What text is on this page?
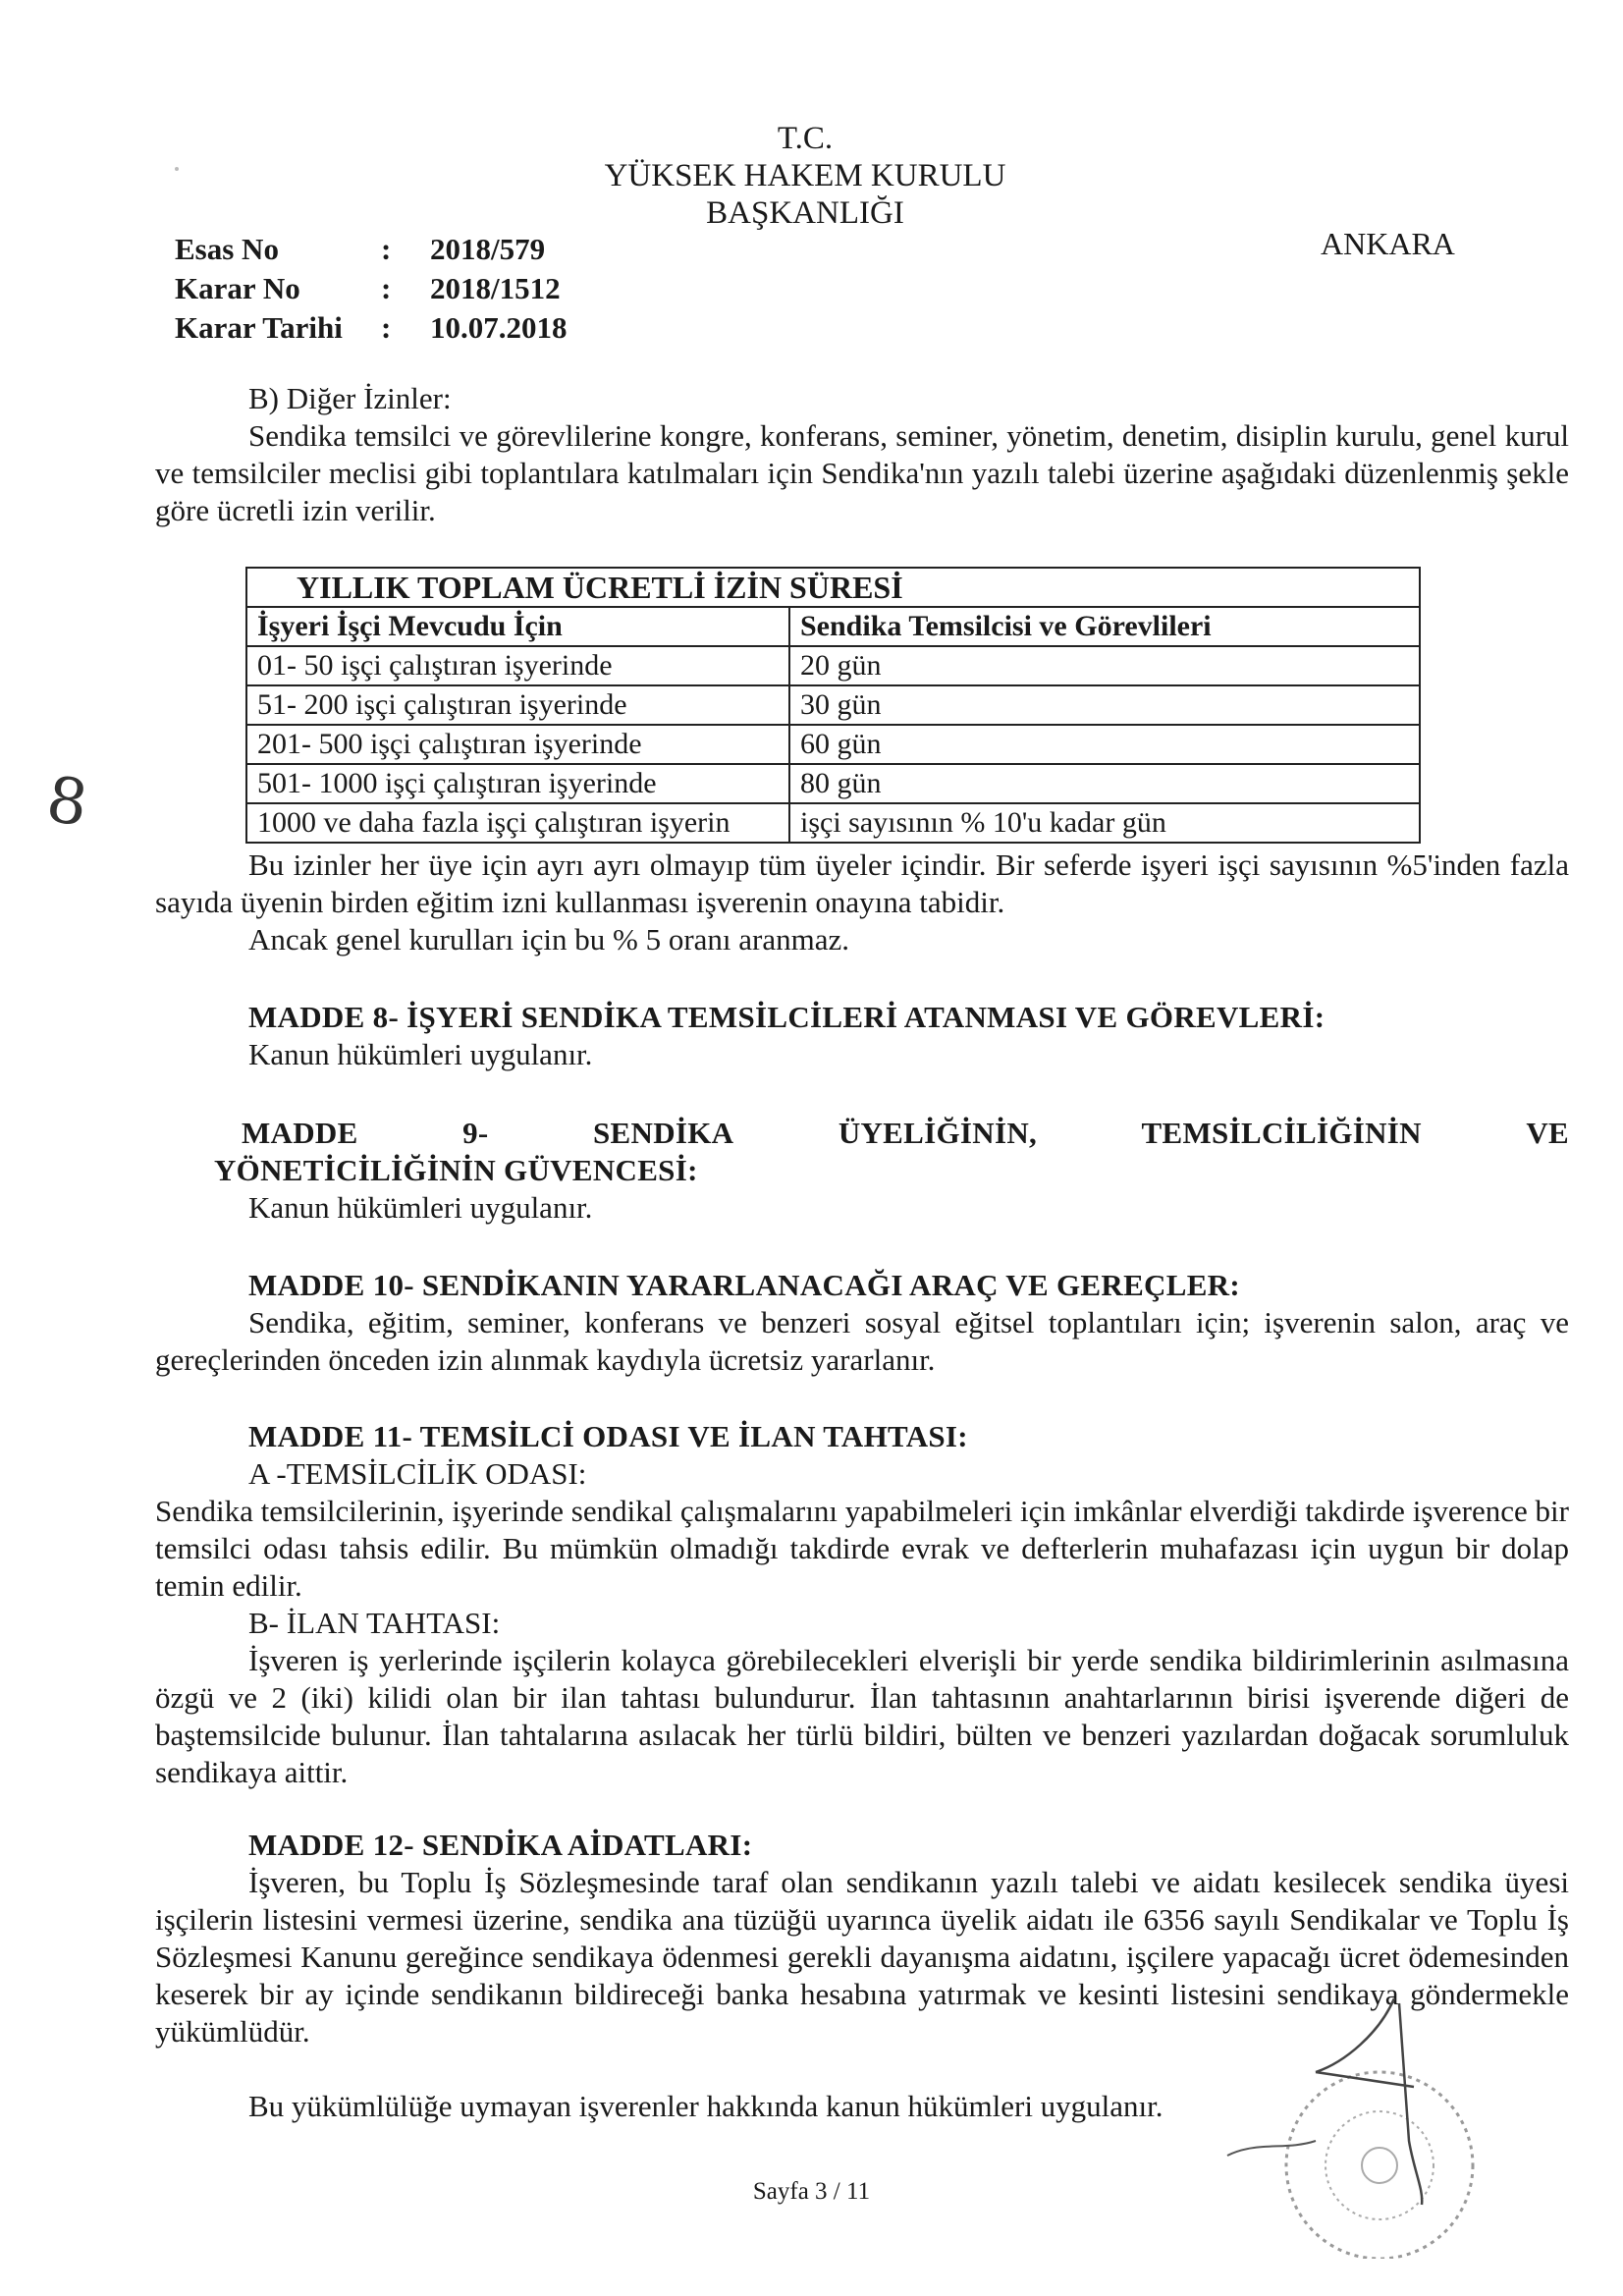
T.C.
YÜKSEK HAKEM KURULU
BAŞKANLIĞI
ANKARA
Esas No	:	2018/579
Karar No	:	2018/1512
Karar Tarihi	:	10.07.2018
B) Diğer İzinler:
Sendika temsilci ve görevlilerine kongre, konferans, seminer, yönetim, denetim, disiplin kurulu, genel kurul ve temsilciler meclisi gibi toplantılara katılmaları için Sendika'nın yazılı talebi üzerine aşağıdaki düzenlenmiş şekle göre ücretli izin verilir.
YILLIK TOPLAM ÜCRETLİ İZİN SÜRESİ	
İşyeri İşçi Mevcudu İçin	Sendika Temsilcisi ve Görevlileri
01- 50 işçi çalıştıran işyerinde	20 gün
51- 200 işçi çalıştıran işyerinde	30 gün
201- 500 işçi çalıştıran işyerinde	60 gün
501- 1000 işçi çalıştıran işyerinde	80 gün
1000 ve daha fazla işçi çalıştıran işyerin	işçi sayısının % 10'u kadar gün
8
Bu izinler her üye için ayrı ayrı olmayıp tüm üyeler içindir. Bir seferde işyeri işçi sayısının %5'inden fazla sayıda üyenin birden eğitim izni kullanması işverenin onayına tabidir.
Ancak genel kurulları için bu % 5 oranı aranmaz.
MADDE 8- İŞYERİ SENDİKA TEMSİLCİLERİ ATANMASI VE GÖREVLERİ:
Kanun hükümleri uygulanır.
MADDE	9-	SENDİKA	ÜYELİĞİNİN,	TEMSİLCİLİĞİNİN	VE
YÖNETİCİLİĞİNİN GÜVENCESİ:
Kanun hükümleri uygulanır.
MADDE 10- SENDİKANIN YARARLANACAĞI ARAÇ VE GEREÇLER:
Sendika, eğitim, seminer, konferans ve benzeri sosyal eğitsel toplantıları için; işverenin salon, araç ve gereçlerinden önceden izin alınmak kaydıyla ücretsiz yararlanır.
MADDE 11- TEMSİLCİ ODASI VE İLAN TAHTASI:
A -TEMSİLCİLİK ODASI:
Sendika temsilcilerinin, işyerinde sendikal çalışmalarını yapabilmeleri için imkânlar elverdiği takdirde işverence bir temsilci odası tahsis edilir. Bu mümkün olmadığı takdirde evrak ve defterlerin muhafazası için uygun bir dolap temin edilir.
B- İLAN TAHTASI:
İşveren iş yerlerinde işçilerin kolayca görebilecekleri elverişli bir yerde sendika bildirimlerinin asılmasına özgü ve 2 (iki) kilidi olan bir ilan tahtası bulundurur. İlan tahtasının anahtarlarının birisi işverende diğeri de baştemsilcide bulunur. İlan tahtalarına asılacak her türlü bildiri, bülten ve benzeri yazılardan doğacak sorumluluk sendikaya aittir.
MADDE 12- SENDİKA AİDATLARI:
İşveren, bu Toplu İş Sözleşmesinde taraf olan sendikanın yazılı talebi ve aidatı kesilecek sendika üyesi işçilerin listesini vermesi üzerine, sendika ana tüzüğü uyarınca üyelik aidatı ile 6356 sayılı Sendikalar ve Toplu İş Sözleşmesi Kanunu gereğince sendikaya ödenmesi gerekli dayanışma aidatını, işçilere yapacağı ücret ödemesinden keserek bir ay içinde sendikanın bildireceği banka hesabına yatırmak ve kesinti listesini sendikaya göndermekle yükümlüdür.
Bu yükümlülüğe uymayan işverenler hakkında kanun hükümleri uygulanır.
Sayfa 3 / 11
